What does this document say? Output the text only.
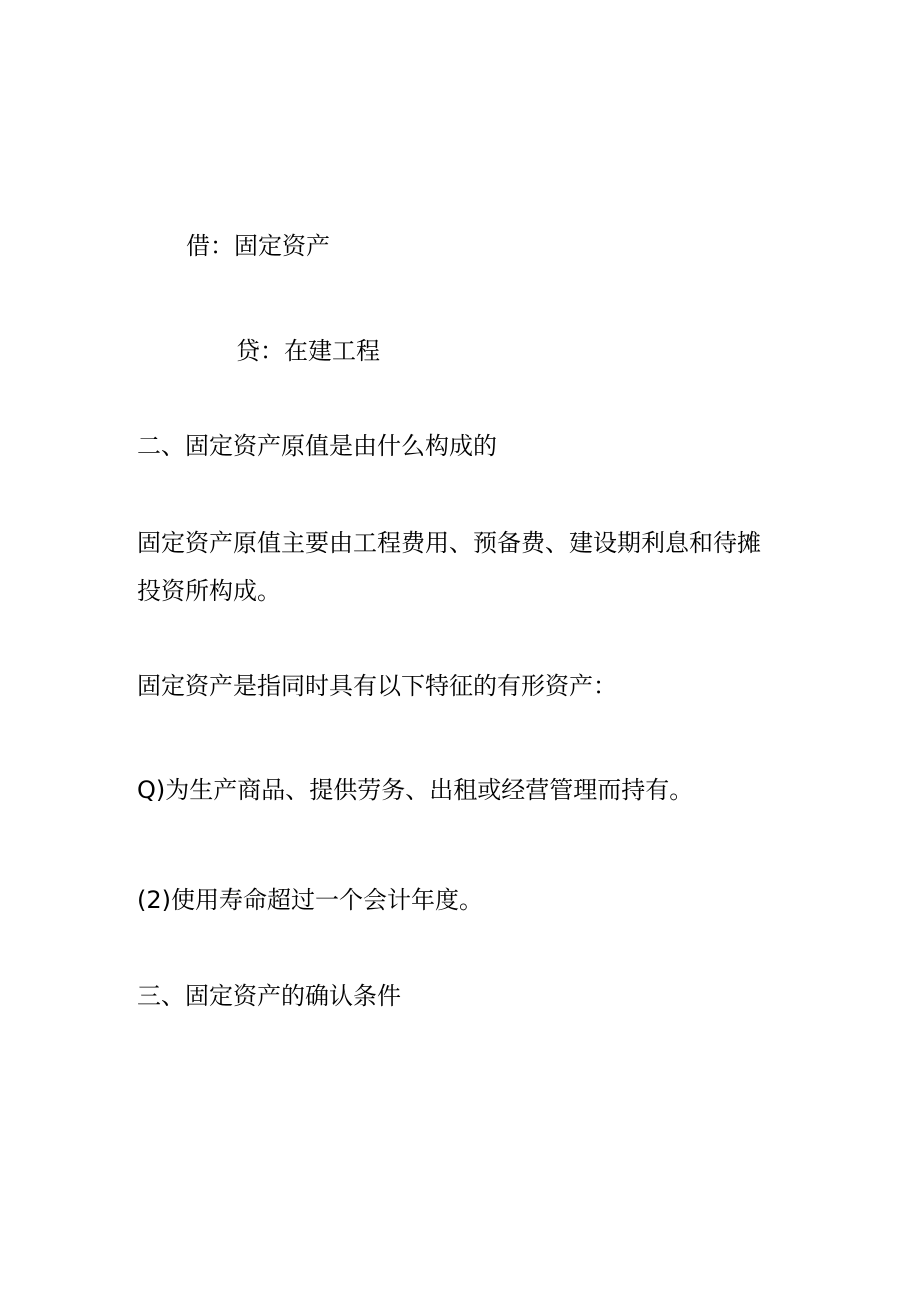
借：固定资产
贷：在建工程
二、固定资产原值是由什么构成的
固定资产原值主要由工程费用、预备费、建设期利息和待摊
投资所构成。
固定资产是指同时具有以下特征的有形资产：
Q)为生产商品、提供劳务、出租或经营管理而持有。
(2)使用寿命超过一个会计年度。
三、固定资产的确认条件
